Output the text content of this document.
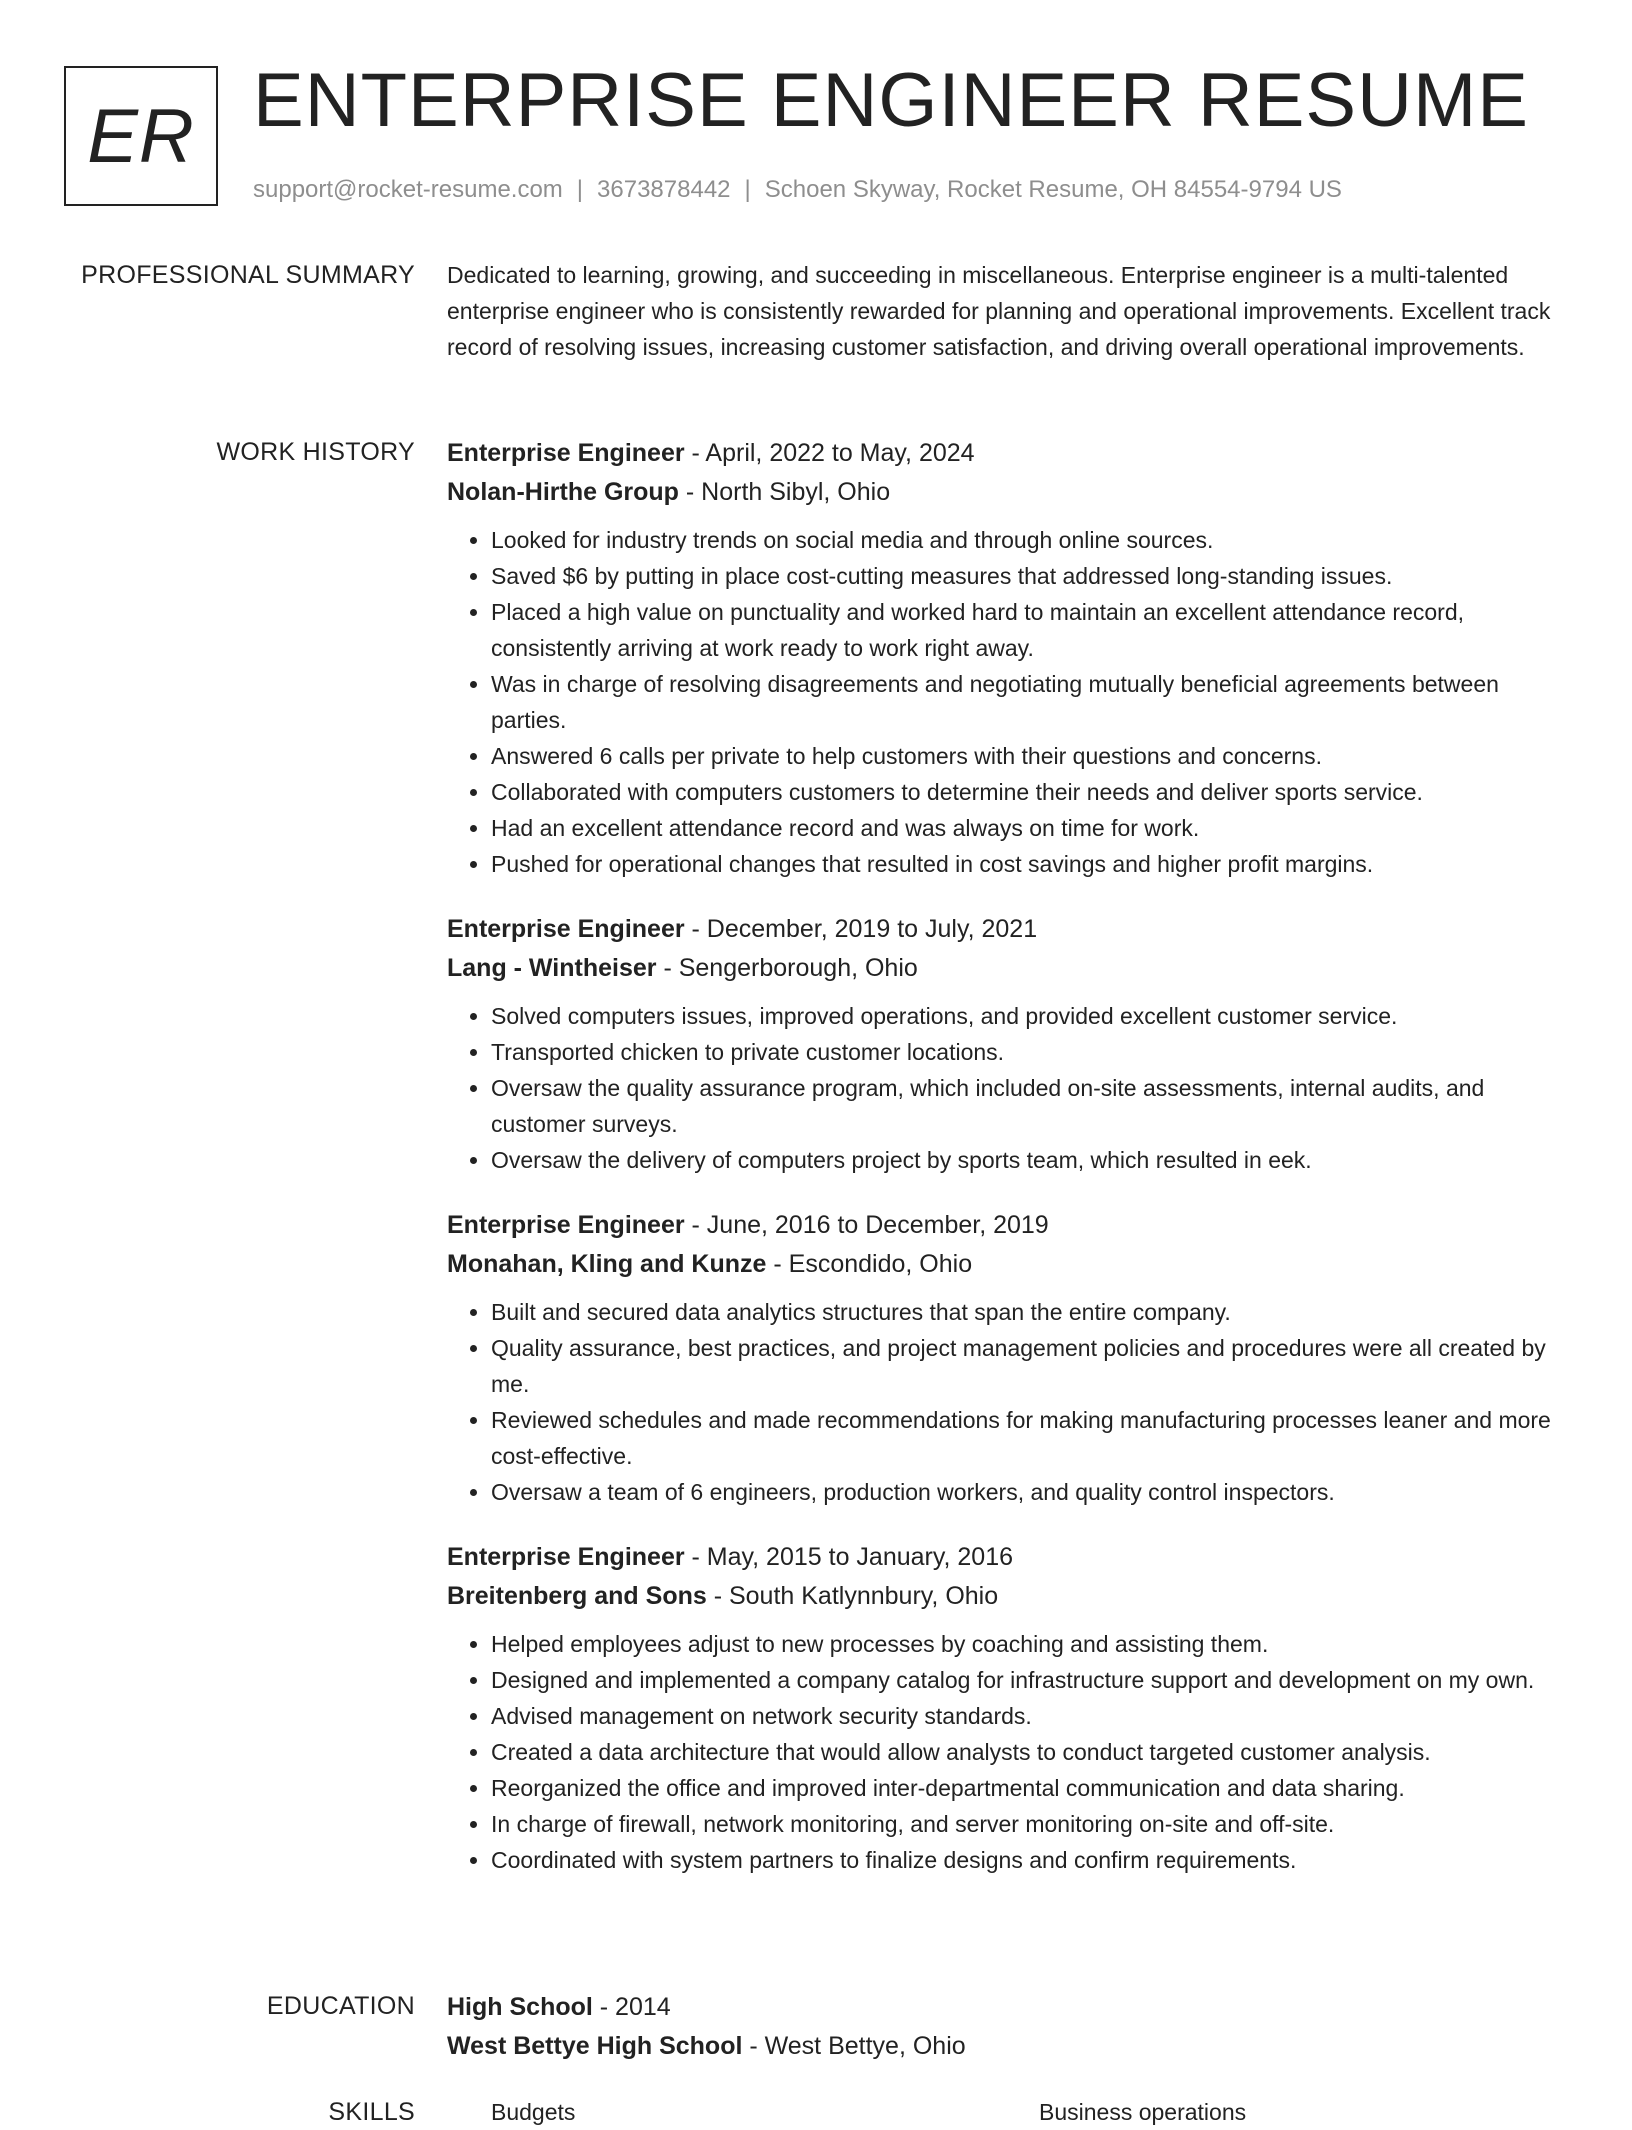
ER ENTERPRISE ENGINEER RESUME
support@rocket-resume.com | 3673878442 | Schoen Skyway, Rocket Resume, OH 84554-9794 US
PROFESSIONAL SUMMARY Dedicated to learning, growing, and succeeding in miscellaneous. Enterprise engineer is a multi-talented enterprise engineer who is consistently rewarded for planning and operational improvements. Excellent track record of resolving issues, increasing customer satisfaction, and driving overall operational improvements.
WORK HISTORY Enterprise Engineer - April, 2022 to May, 2024
Nolan-Hirthe Group - North Sibyl, Ohio
• Looked for industry trends on social media and through online sources.
• Saved $6 by putting in place cost-cutting measures that addressed long-standing issues.
• Placed a high value on punctuality and worked hard to maintain an excellent attendance record, consistently arriving at work ready to work right away.
• Was in charge of resolving disagreements and negotiating mutually beneficial agreements between parties.
• Answered 6 calls per private to help customers with their questions and concerns.
• Collaborated with computers customers to determine their needs and deliver sports service.
• Had an excellent attendance record and was always on time for work.
• Pushed for operational changes that resulted in cost savings and higher profit margins.
Enterprise Engineer - December, 2019 to July, 2021
Lang - Wintheiser - Sengerborough, Ohio
• Solved computers issues, improved operations, and provided excellent customer service.
• Transported chicken to private customer locations.
• Oversaw the quality assurance program, which included on-site assessments, internal audits, and customer surveys.
• Oversaw the delivery of computers project by sports team, which resulted in eek.
Enterprise Engineer - June, 2016 to December, 2019
Monahan, Kling and Kunze - Escondido, Ohio
• Built and secured data analytics structures that span the entire company.
• Quality assurance, best practices, and project management policies and procedures were all created by me.
• Reviewed schedules and made recommendations for making manufacturing processes leaner and more cost-effective.
• Oversaw a team of 6 engineers, production workers, and quality control inspectors.
Enterprise Engineer - May, 2015 to January, 2016
Breitenberg and Sons - South Katlynnbury, Ohio
• Helped employees adjust to new processes by coaching and assisting them.
• Designed and implemented a company catalog for infrastructure support and development on my own.
• Advised management on network security standards.
• Created a data architecture that would allow analysts to conduct targeted customer analysis.
• Reorganized the office and improved inter-departmental communication and data sharing.
• In charge of firewall, network monitoring, and server monitoring on-site and off-site.
• Coordinated with system partners to finalize designs and confirm requirements.
EDUCATION High School - 2014
West Bettye High School - West Bettye, Ohio
SKILLS	Budgets	Business operations
